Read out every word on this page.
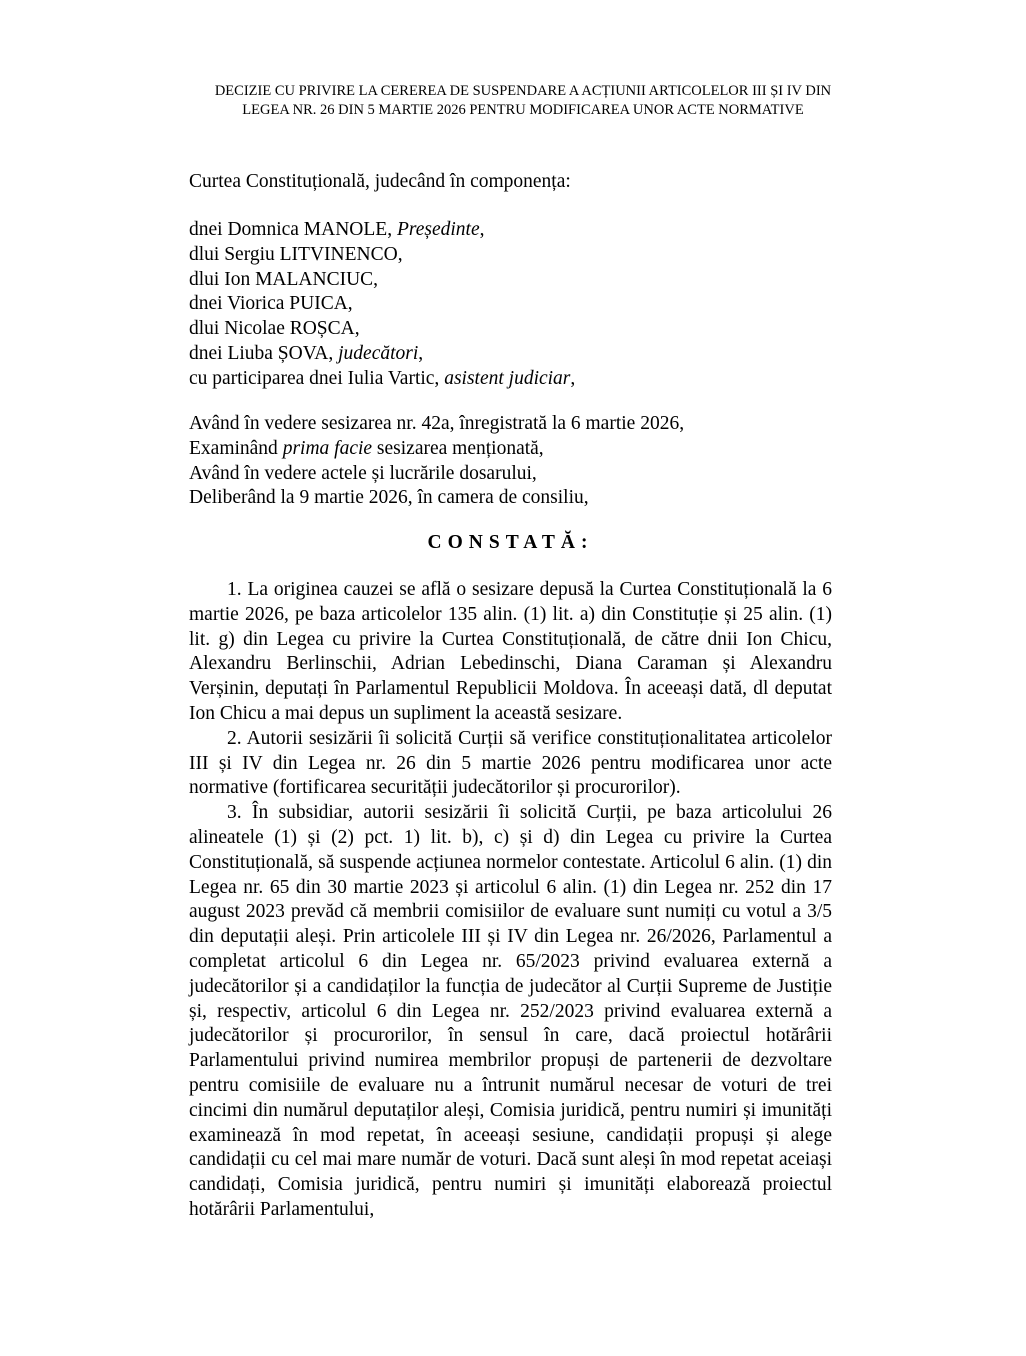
DECIZIE CU PRIVIRE LA CEREREA DE SUSPENDARE A ACȚIUNII ARTICOLELOR III ȘI IV DIN
LEGEA NR. 26 DIN 5 MARTIE 2026 PENTRU MODIFICAREA UNOR ACTE NORMATIVE
Curtea Constituțională, judecând în componența:
dnei Domnica MANOLE, Președinte,
dlui Sergiu LITVINENCO,
dlui Ion MALANCIUC,
dnei Viorica PUICA,
dlui Nicolae ROȘCA,
dnei Liuba ȘOVA, judecători,
cu participarea dnei Iulia Vartic, asistent judiciar,
Având în vedere sesizarea nr. 42a, înregistrată la 6 martie 2026,
Examinând prima facie sesizarea menționată,
Având în vedere actele și lucrările dosarului,
Deliberând la 9 martie 2026, în camera de consiliu,
CONSTATĂ:

1. La originea cauzei se află o sesizare depusă la Curtea Constituțională la 6 martie 2026, pe baza articolelor 135 alin. (1) lit. a) din Constituție și 25 alin. (1) lit. g) din Legea cu privire la Curtea Constituțională, de către dnii Ion Chicu, Alexandru Berlinschii, Adrian Lebedinschi, Diana Caraman și Alexandru Verșinin, deputați în Parlamentul Republicii Moldova. În aceeași dată, dl deputat Ion Chicu a mai depus un supliment la această sesizare.

2. Autorii sesizării îi solicită Curții să verifice constituționalitatea articolelor III și IV din Legea nr. 26 din 5 martie 2026 pentru modificarea unor acte normative (fortificarea securității judecătorilor și procurorilor).

3. În subsidiar, autorii sesizării îi solicită Curții, pe baza articolului 26 alineatele (1) și (2) pct. 1) lit. b), c) și d) din Legea cu privire la Curtea Constituțională, să suspende acțiunea normelor contestate. Articolul 6 alin. (1) din Legea nr. 65 din 30 martie 2023 și articolul 6 alin. (1) din Legea nr. 252 din 17 august 2023 prevăd că membrii comisiilor de evaluare sunt numiți cu votul a 3/5 din deputații aleși. Prin articolele III și IV din Legea nr. 26/2026, Parlamentul a completat articolul 6 din Legea nr. 65/2023 privind evaluarea externă a judecătorilor și a candidaților la funcția de judecător al Curții Supreme de Justiție și, respectiv, articolul 6 din Legea nr. 252/2023 privind evaluarea externă a judecătorilor și procurorilor, în sensul în care, dacă proiectul hotărârii Parlamentului privind numirea membrilor propuși de partenerii de dezvoltare pentru comisiile de evaluare nu a întrunit numărul necesar de voturi de trei cincimi din numărul deputaților aleși, Comisia juridică, pentru numiri și imunități examinează în mod repetat, în aceeași sesiune, candidații propuși și alege candidații cu cel mai mare număr de voturi. Dacă sunt aleși în mod repetat aceiași candidați, Comisia juridică, pentru numiri și imunități elaborează proiectul hotărârii Parlamentului,
